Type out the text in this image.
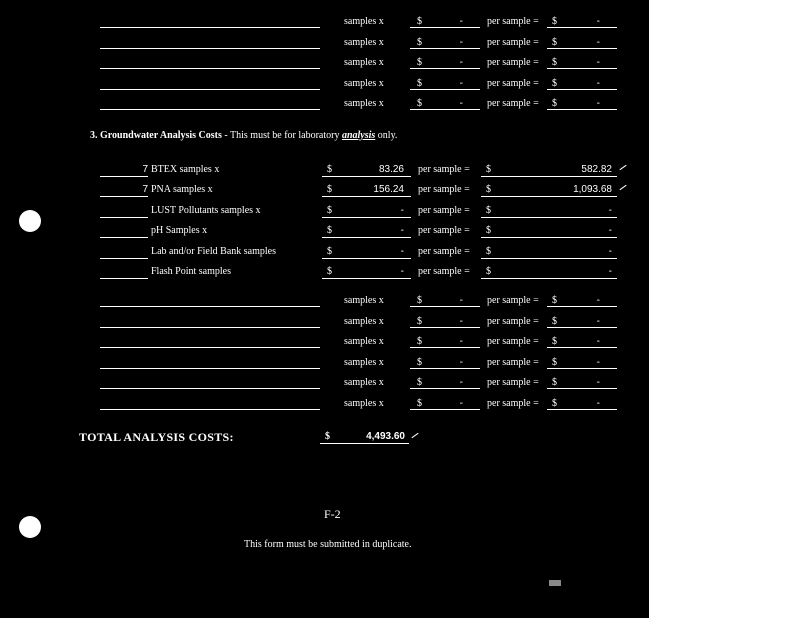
samples x	$	- per sample = $	-
samples x	$	- per sample = $	-
samples x	$	- per sample = $	-
samples x	$	- per sample = $	-
samples x	$	- per sample = $	-
3. Groundwater Analysis Costs - This must be for laboratory analysis only.
7 BTEX samples x	$	83.26 per sample = $	582.82
7 PNA samples x	$	156.24 per sample = $	1,093.68
LUST Pollutants samples x	$	- per sample = $	-
pH Samples x	$	- per sample = $	-
Lab and/or Field Bank samples	$	- per sample = $	-
Flash Point samples	$	- per sample = $	-
samples x	$	- per sample = $	-
samples x	$	- per sample = $	-
samples x	$	- per sample = $	-
samples x	$	- per sample = $	-
samples x	$	- per sample = $	-
samples x	$	- per sample = $	-
TOTAL ANALYSIS COSTS:	$	4,493.60
F-2
This form must be submitted in duplicate.
